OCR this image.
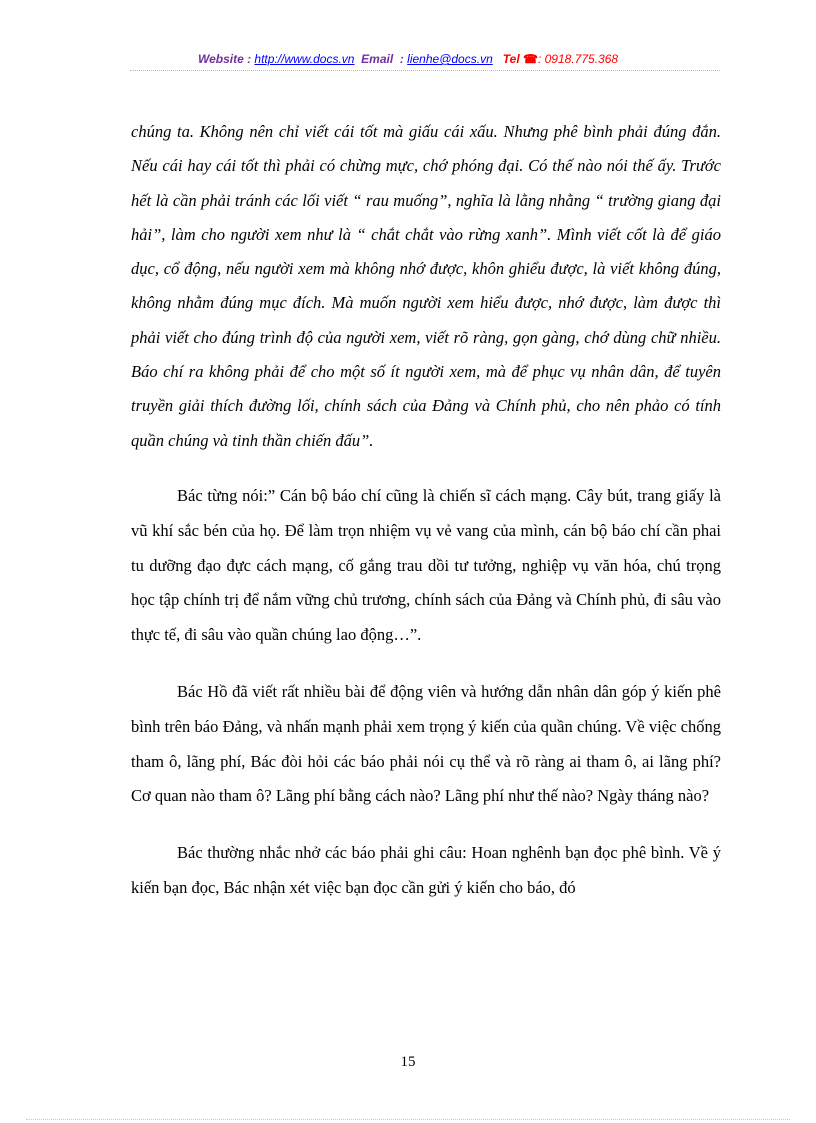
Website : http://www.docs.vn Email : lienhe@docs.vn Tel ☎: 0918.775.368

chúng ta. Không nên chỉ viết cái tốt mà giấu cái xấu. Nhưng phê bình phải đúng đắn. Nếu cái hay cái tốt thì phải có chừng mực, chớ phóng đại. Có thế nào nói thế ấy. Trước hết là cần phải tránh các lối viết “ rau muống”, nghĩa là lằng nhằng “ trường giang đại hải”, làm cho người xem như là “ chắt chắt vào rừng xanh”. Mình viết cốt là để giáo dục, cổ động, nếu người xem mà không nhớ được, khôn ghiểu được, là viết không đúng, không nhằm đúng mục đích. Mà muốn người xem hiểu được, nhớ được, làm được thì phải viết cho đúng trình độ của người xem, viết rõ ràng, gọn gàng, chớ dùng chữ nhiều. Báo chí ra không phải để cho một số ít người xem, mà để phục vụ nhân dân, để tuyên truyền giải thích đường lối, chính sách của Đảng và Chính phủ, cho nên phảo có tính quần chúng và tinh thần chiến đấu”.

Bác từng nói:” Cán bộ báo chí cũng là chiến sĩ cách mạng. Cây bút, trang giấy là vũ khí sắc bén của họ. Để làm trọn nhiệm vụ vẻ vang của mình, cán bộ báo chí cần phai tu dưỡng đạo đực cách mạng, cố gắng trau dồi tư tưởng, nghiệp vụ văn hóa, chú trọng học tập chính trị để nắm vững chủ trương, chính sách của Đảng và Chính phủ, đi sâu vào thực tế, đi sâu vào quần chúng lao động…”.

Bác Hồ đã viết rất nhiều bài để động viên và hướng dẫn nhân dân góp ý kiến phê bình trên báo Đảng, và nhấn mạnh phải xem trọng ý kiến của quần chúng. Về việc chống tham ô, lãng phí, Bác đòi hỏi các báo phải nói cụ thể và rõ ràng ai tham ô, ai lãng phí? Cơ quan nào tham ô? Lãng phí bằng cách nào? Lãng phí như thế nào? Ngày tháng nào?

Bác thường nhắc nhở các báo phải ghi câu: Hoan nghênh bạn đọc phê bình. Về ý kiến bạn đọc, Bác nhận xét việc bạn đọc cần gửi ý kiến cho báo, đó

15
